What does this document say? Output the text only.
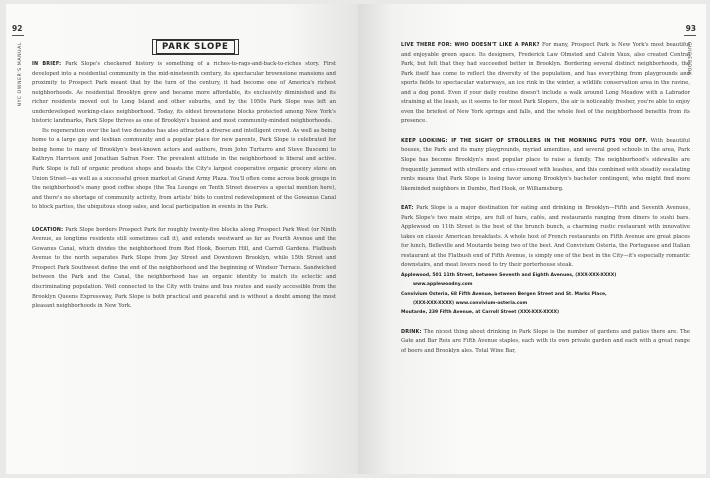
92
NYC OWNER'S MANUAL	PARK SLOPE

IN BRIEF: Park Slope's checkered history is something of a riches-to-rags-and-back-to-riches story. First developed into a residential community in the mid-nineteenth century, its spectacular brownstone mansions and proximity to Prospect Park meant that by the turn of the century, it had become one of America's richest neighborhoods. As residential Brooklyn grew and became more affordable, its exclusivity diminished and its richer residents moved out to Long Island and other suburbs, and by the 1950s Park Slope was left an underdeveloped working-class neighborhood. Today, its oldest brownstone blocks protected among New York's historic landmarks, Park Slope thrives as one of Brooklyn's busiest and most community-minded neighborhoods.

Its regeneration over the last two decades has also attracted a diverse and intelligent crowd. As well as being home to a large gay and lesbian community and a popular place for new parents, Park Slope is celebrated for being home to many of Brooklyn's best-known actors and authors, from John Turturro and Steve Buscemi to Kathryn Harrison and Jonathan Safran Foer. The prevalent attitude in the neighborhood is liberal and active. Park Slope is full of organic produce shops and boasts the City's largest cooperative organic grocery store on Union Street—as well as a successful green market at Grand Army Plaza. You'll often come across book groups in the neighborhood's many good coffee shops (the Tea Lounge on Tenth Street deserves a special mention here), and there's no shortage of community activity, from artists' bids to control redevelopment of the Gowanus Canal to block parties, the ubiquitous stoop sales, and local participation in events in the Park.

LOCATION: Park Slope borders Prospect Park for roughly twenty-five blocks along Prospect Park West (or Ninth Avenue, as longtime residents still sometimes call it), and extends westward as far as Fourth Avenue and the Gowanus Canal, which divides the neighborhood from Red Hook, Boerum Hill, and Carroll Gardens. Flatbush Avenue to the north separates Park Slope from Jay Street and Downtown Brooklyn, while 15th Street and Prospect Park Southwest define the end of the neighborhood and the beginning of Windsor Terrace. Sandwiched between the Park and the Canal, the neighborhood has an organic identity to match its eclectic and discriminating population. Well connected to the City with trains and bus routes and easily accessible from the Brooklyn Queens Expressway, Park Slope is both practical and peaceful and is without a doubt among the most pleasant neighborhoods in New York.

93
GUIDEBOOK

LIVE THERE FOR: WHO DOESN'T LIKE A PARK? For many, Prospect Park is New York's most beautiful and enjoyable green space. Its designers, Frederick Law Olmsted and Calvin Vaux, also created Central Park, but felt that they had succeeded better in Brooklyn. Bordering several distinct neighborhoods, the Park itself has come to reflect the diversity of the population, and has everything from playgrounds and sports fields to spectacular waterways, an ice rink in the winter, a wildlife conservation area in the ravine, and a dog pond. Even if your daily routine doesn't include a walk around Long Meadow with a Labrador straining at the leash, as it seems to for most Park Slopers, the air is noticeably fresher, you're able to enjoy even the briefest of New York springs and falls, and the whole feel of the neighborhood benefits from its presence.

KEEP LOOKING: IF THE SIGHT OF STROLLERS IN THE MORNING PUTS YOU OFF. With beautiful houses, the Park and its many playgrounds, myriad amenities, and several good schools in the area, Park Slope has become Brooklyn's most popular place to raise a family. The neighborhood's sidewalks are frequently jammed with strollers and criss-crossed with leashes, and this combined with steadily escalating rents means that Park Slope is losing favor among Brooklyn's bachelor contingent, who might find more likeminded neighbors in Dumbo, Red Hook, or Williamsburg.

EAT: Park Slope is a major destination for eating and drinking in Brooklyn—Fifth and Seventh Avenues, Park Slope's two main strips, are full of bars, cafés, and restaurants ranging from diners to sushi bars. Applewood on 11th Street is the best of the brunch bunch, a charming rustic restaurant with innovative takes on classic American breakfasts. A whole host of French restaurants on Fifth Avenue are great places for lunch, Belleville and Moutarde being two of the best. And Convivium Osteria, the Portuguese and Italian restaurant at the Flatbush end of Fifth Avenue, is simply one of the best in the City—it's especially romantic downstairs, and meat lovers need to try their porterhouse steak.

Applewood, 501 11th Street, between Seventh and Eighth Avenues, (XXX-XXX-XXXX)
www.applewoodny.com
Convivium Osteria, 68 Fifth Avenue, between Bergen Street and St. Marks Place,
(XXX-XXX-XXXX) www.convivium-osteria.com
Moutarde, 239 Fifth Avenue, at Carroll Street (XXX-XXX-XXXX)

DRINK: The nicest thing about drinking in Park Slope is the number of gardens and patios there are. The Gate and Bar Reis are Fifth Avenue staples, each with its own private garden and each with a great range of beers and Brooklyn ales. Total Wine Bar,
